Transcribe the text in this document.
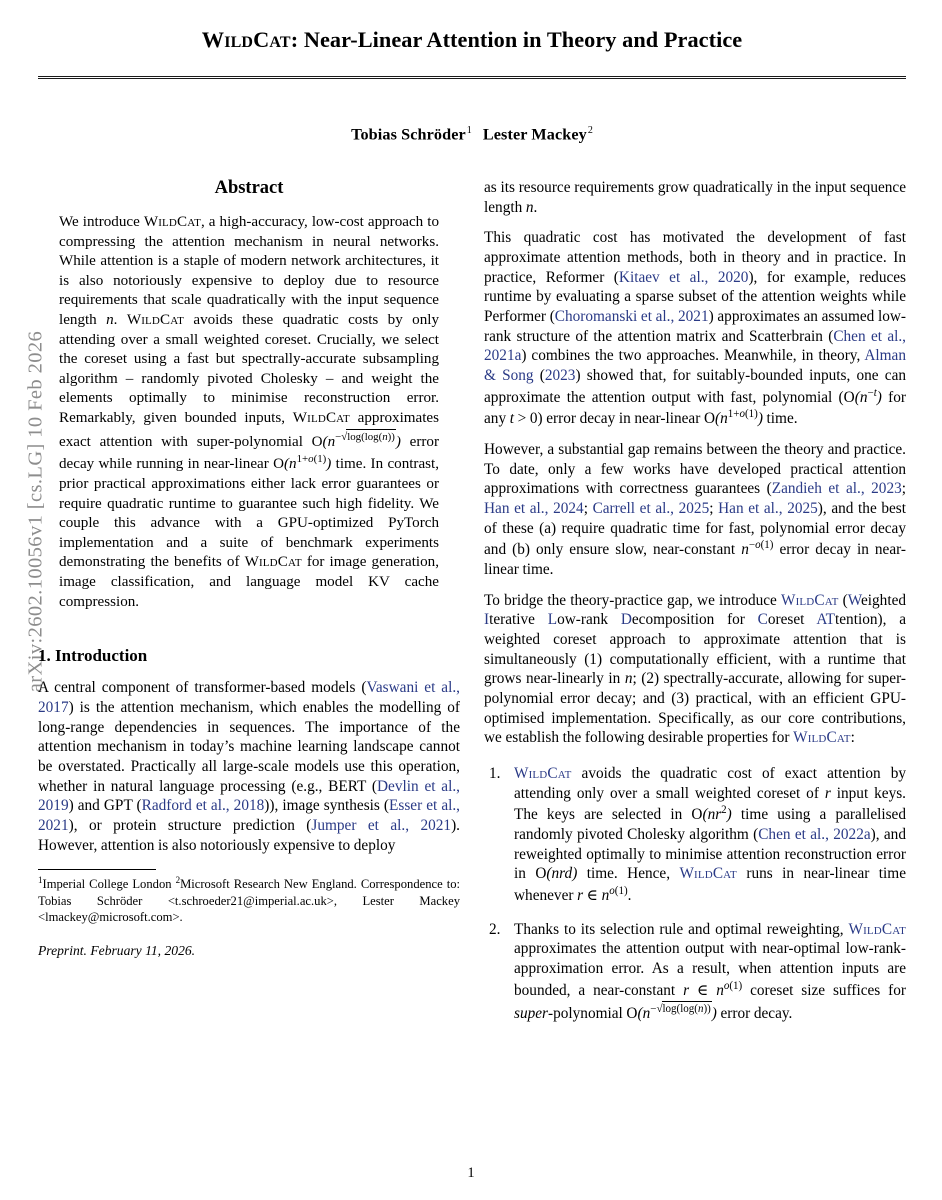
arXiv:2602.10056v1 [cs.LG] 10 Feb 2026
WildCat: Near-Linear Attention in Theory and Practice
Tobias Schröder$^1$ Lester Mackey$^2$
Abstract

We introduce WildCat, a high-accuracy, low-cost approach to compressing the attention mechanism in neural networks. While attention is a staple of modern network architectures, it is also notoriously expensive to deploy due to resource requirements that scale quadratically with the input sequence length n. WildCat avoids these quadratic costs by only attending over a small weighted coreset. Crucially, we select the coreset using a fast but spectrally-accurate subsampling algorithm – randomly pivoted Cholesky – and weight the elements optimally to minimise reconstruction error. Remarkably, given bounded inputs, WildCat approximates exact attention with super-polynomial $O(n^{-√log(log(n))})$ error decay while running in near-linear $O(n^{1+o(1)})$ time. In contrast, prior practical approximations either lack error guarantees or require quadratic runtime to guarantee such high fidelity. We couple this advance with a GPU-optimized PyTorch implementation and a suite of benchmark experiments demonstrating the benefits of WildCat for image generation, image classification, and language model KV cache compression.

1. Introduction

A central component of transformer-based models (Vaswani et al., 2017) is the attention mechanism, which enables the modelling of long-range dependencies in sequences. The importance of the attention mechanism in today’s machine learning landscape cannot be overstated. Practically all large-scale models use this operation, whether in natural language processing (e.g., BERT (Devlin et al., 2019) and GPT (Radford et al., 2018)), image synthesis (Esser et al., 2021), or protein structure prediction (Jumper et al., 2021). However, attention is also notoriously expensive to deploy

$^1$Imperial College London $^2$Microsoft Research New England. Correspondence to: Tobias Schröder <t.schroeder21@imperial.ac.uk>, Lester Mackey <lmackey@microsoft.com>.
Preprint. February 11, 2026.

as its resource requirements grow quadratically in the input sequence length n.

This quadratic cost has motivated the development of fast approximate attention methods, both in theory and in practice. In practice, Reformer (Kitaev et al., 2020), for example, reduces runtime by evaluating a sparse subset of the attention weights while Performer (Choromanski et al., 2021) approximates an assumed low-rank structure of the attention matrix and Scatterbrain (Chen et al., 2021a) combines the two approaches. Meanwhile, in theory, Alman & Song (2023) showed that, for suitably-bounded inputs, one can approximate the attention output with fast, polynomial ($O(n^{-t})$ for any t > 0) error decay in near-linear $O(n^{1+o(1)})$ time.

However, a substantial gap remains between the theory and practice. To date, only a few works have developed practical attention approximations with correctness guarantees (Zandieh et al., 2023; Han et al., 2024; Carrell et al., 2025; Han et al., 2025), and the best of these (a) require quadratic time for fast, polynomial error decay and (b) only ensure slow, near-constant $n^{-o(1)}$ error decay in near-linear time.

To bridge the theory-practice gap, we introduce WildCat (Weighted Iterative Low-rank Decomposition for Coreset ATtention), a weighted coreset approach to approximate attention that is simultaneously (1) computationally efficient, with a runtime that grows near-linearly in n; (2) spectrally-accurate, allowing for super-polynomial error decay; and (3) practical, with an efficient GPU-optimised implementation. Specifically, as our core contributions, we establish the following desirable properties for WildCat:

WildCat avoids the quadratic cost of exact attention by attending only over a small weighted coreset of r input keys. The keys are selected in $O(nr^2)$ time using a parallelised randomly pivoted Cholesky algorithm (Chen et al., 2022a), and reweighted optimally to minimise attention reconstruction error in O(nrd) time. Hence, WildCat runs in near-linear time whenever r ∈ $n^{o(1)}$.
Thanks to its selection rule and optimal reweighting, WildCat approximates the attention output with near-optimal low-rank-approximation error. As a result, when attention inputs are bounded, a near-constant r ∈ $n^{o(1)}$ coreset size suffices for super-polynomial $O(n^{-√log(log(n))})$ error decay.
1
